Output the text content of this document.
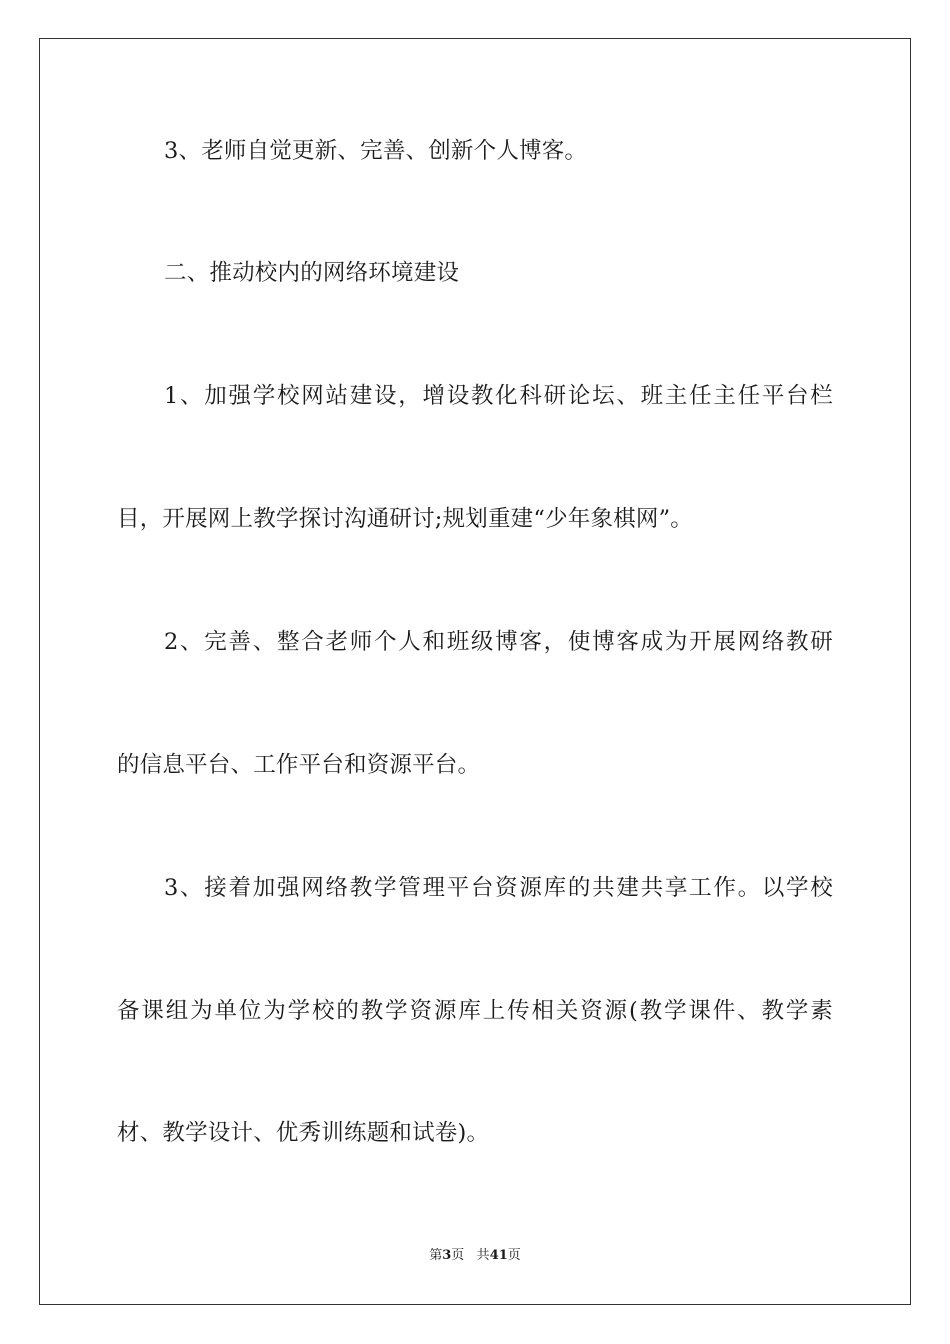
3、老师自觉更新、完善、创新个人博客。
二、推动校内的网络环境建设
1、加强学校网站建设，增设教化科研论坛、班主任主任平台栏
目，开展网上教学探讨沟通研讨;规划重建“少年象棋网”。
2、完善、整合老师个人和班级博客，使博客成为开展网络教研
的信息平台、工作平台和资源平台。
3、接着加强网络教学管理平台资源库的共建共享工作。以学校
备课组为单位为学校的教学资源库上传相关资源(教学课件、教学素
材、教学设计、优秀训练题和试卷)。
第3页 共41页
